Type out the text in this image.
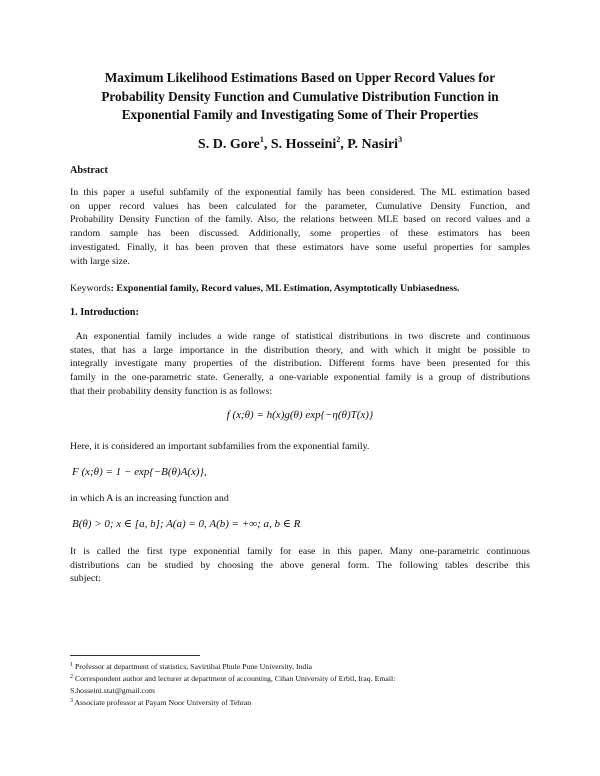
Maximum Likelihood Estimations Based on Upper Record Values for
Probability Density Function and Cumulative Distribution Function in
Exponential Family and Investigating Some of Their Properties
S. D. Gore$^1$, S. Hosseini$^2$, P. Nasiri$^3$
Abstract
In this paper a useful subfamily of the exponential family has been considered. The ML estimation based
on upper record values has been calculated for the parameter, Cumulative Density Function, and
Probability Density Function of the family. Also, the relations between MLE based on record values and a
random sample has been discussed. Additionally, some properties of these estimators has been
investigated. Finally, it has been proven that these estimators have some useful properties for samples
with large size.
Keywords: Exponential family, Record values, ML Estimation, Asymptotically Unbiasedness.
1. Introduction:
An exponential family includes a wide range of statistical distributions in two discrete and continuous
states, that has a large importance in the distribution theory, and with which it might be possible to
integrally investigate many properties of the distribution. Different forms have been presented for this
family in the one-parametric state. Generally, a one-variable exponential family is a group of distributions
that their probability density function is as follows:
f (x;θ) = h(x)g(θ) exp{−η(θ)T(x)}
Here, it is considered an important subfamilies from the exponential family.
F (x;θ) = 1 − exp{−B(θ)A(x)},
in which A is an increasing function and
B(θ) > 0; x ∈ [a, b]; A(a) = 0, A(b) = +∞; a, b ∈ R
It is called the first type exponential family for ease in this paper. Many one-parametric continuous
distributions can be studied by choosing the above general form. The following tables describe this
subject:
$^1$ Professor at department of statistics, Savirtibai Phule Pune University, India
$^2$ Correspondent author and lecturer at department of accounting, Cihan University of Erbil, Iraq. Email:
S.hosseini.stat@gmail.com
$^3$ Associate professor at Payam Noor University of Tehran
